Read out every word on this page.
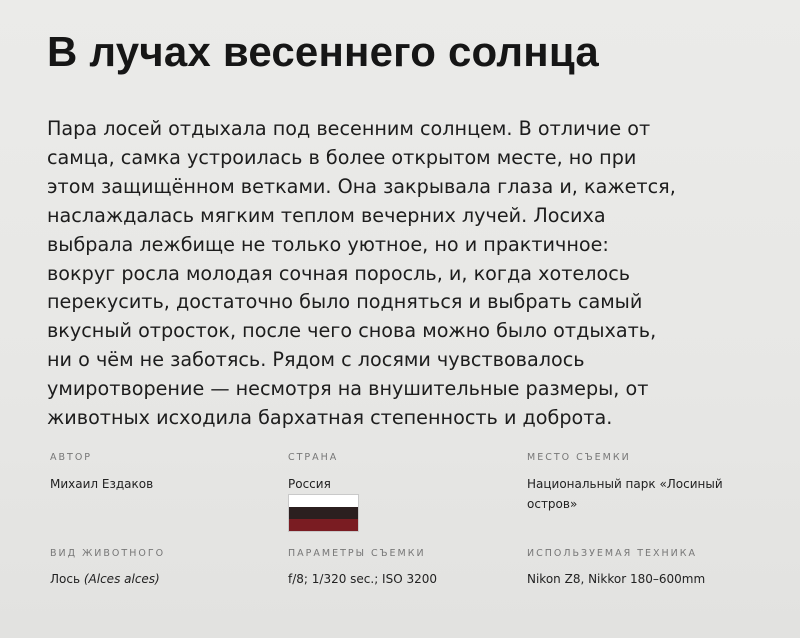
В лучах весеннего солнца

Пара лосей отдыхала под весенним солнцем. В отличие от
самца, самка устроилась в более открытом месте, но при
этом защищённом ветками. Она закрывала глаза и, кажется,
наслаждалась мягким теплом вечерних лучей. Лосиха
выбрала лежбище не только уютное, но и практичное:
вокруг росла молодая сочная поросль, и, когда хотелось
перекусить, достаточно было подняться и выбрать самый
вкусный отросток, после чего снова можно было отдыхать,
ни о чём не заботясь. Рядом с лосями чувствовалось
умиротворение — несмотря на внушительные размеры, от
животных исходила бархатная степенность и доброта.

АВТОР
Михаил Ездаков
СТРАНА
Россия
МЕСТО СЪЕМКИ
Национальный парк «Лосиный
остров»
ВИД ЖИВОТНОГО
Лось (Alces alces)
ПАРАМЕТРЫ СЪЕМКИ
f/8; 1/320 sec.; ISO 3200
ИСПОЛЬЗУЕМАЯ ТЕХНИКА
Nikon Z8, Nikkor 180–600mm
